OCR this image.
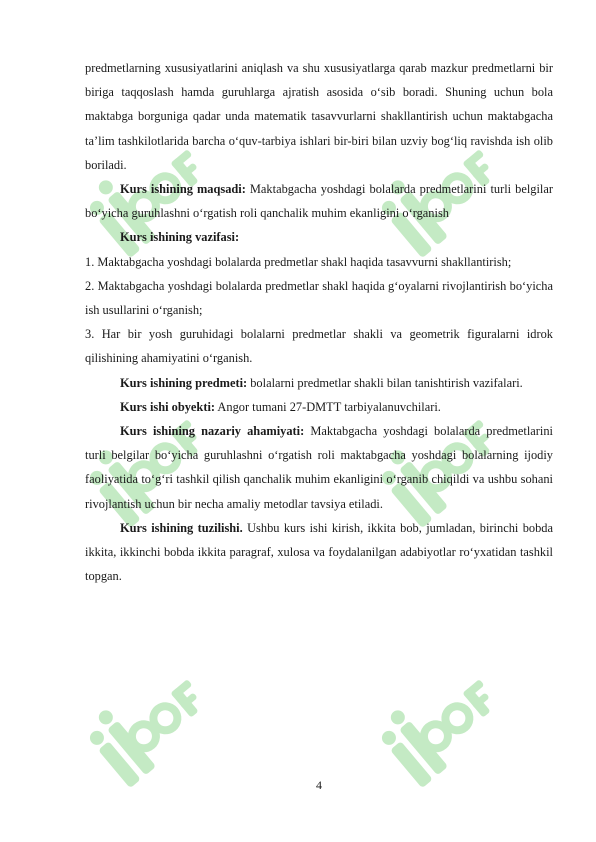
predmetlarning xususiyatlarini aniqlash va shu xususiyatlarga qarab mazkur predmetlarni bir biriga taqqoslash hamda guruhlarga ajratish asosida o‘sib boradi. Shuning uchun bola maktabga borguniga qadar unda matematik tasavvurlarni shakllantirish uchun maktabgacha ta’lim tashkilotlarida barcha o‘quv-tarbiya ishlari bir-biri bilan uzviy bog‘liq ravishda ish olib boriladi.

Kurs ishining maqsadi: Maktabgacha yoshdagi bolalarda predmetlarini turli belgilar bo‘yicha guruhlashni o‘rgatish roli qanchalik muhim ekanligini o‘rganish

Kurs ishining vazifasi:

1. Maktabgacha yoshdagi bolalarda predmetlar shakl haqida tasavvurni shakllantirish;

2. Maktabgacha yoshdagi bolalarda predmetlar shakl haqida g‘oyalarni rivojlantirish bo‘yicha ish usullarini o‘rganish;

3. Har bir yosh guruhidagi bolalarni predmetlar shakli va geometrik figuralarni idrok qilishining ahamiyatini o‘rganish.

Kurs ishining predmeti: bolalarni predmetlar shakli bilan tanishtirish vazifalari.

Kurs ishi obyekti: Angor tumani 27-DMTT tarbiyalanuvchilari.

Kurs ishining nazariy ahamiyati: Maktabgacha yoshdagi bolalarda predmetlarini turli belgilar bo‘yicha guruhlashni o‘rgatish roli maktabgacha yoshdagi bolalarning ijodiy faoliyatida to‘g‘ri tashkil qilish qanchalik muhim ekanligini o‘rganib chiqildi va ushbu sohani rivojlantish uchun bir necha amaliy metodlar tavsiya etiladi.

Kurs ishining tuzilishi. Ushbu kurs ishi kirish, ikkita bob, jumladan, birinchi bobda ikkita, ikkinchi bobda ikkita paragraf, xulosa va foydalanilgan adabiyotlar ro‘yxatidan tashkil topgan.

4
